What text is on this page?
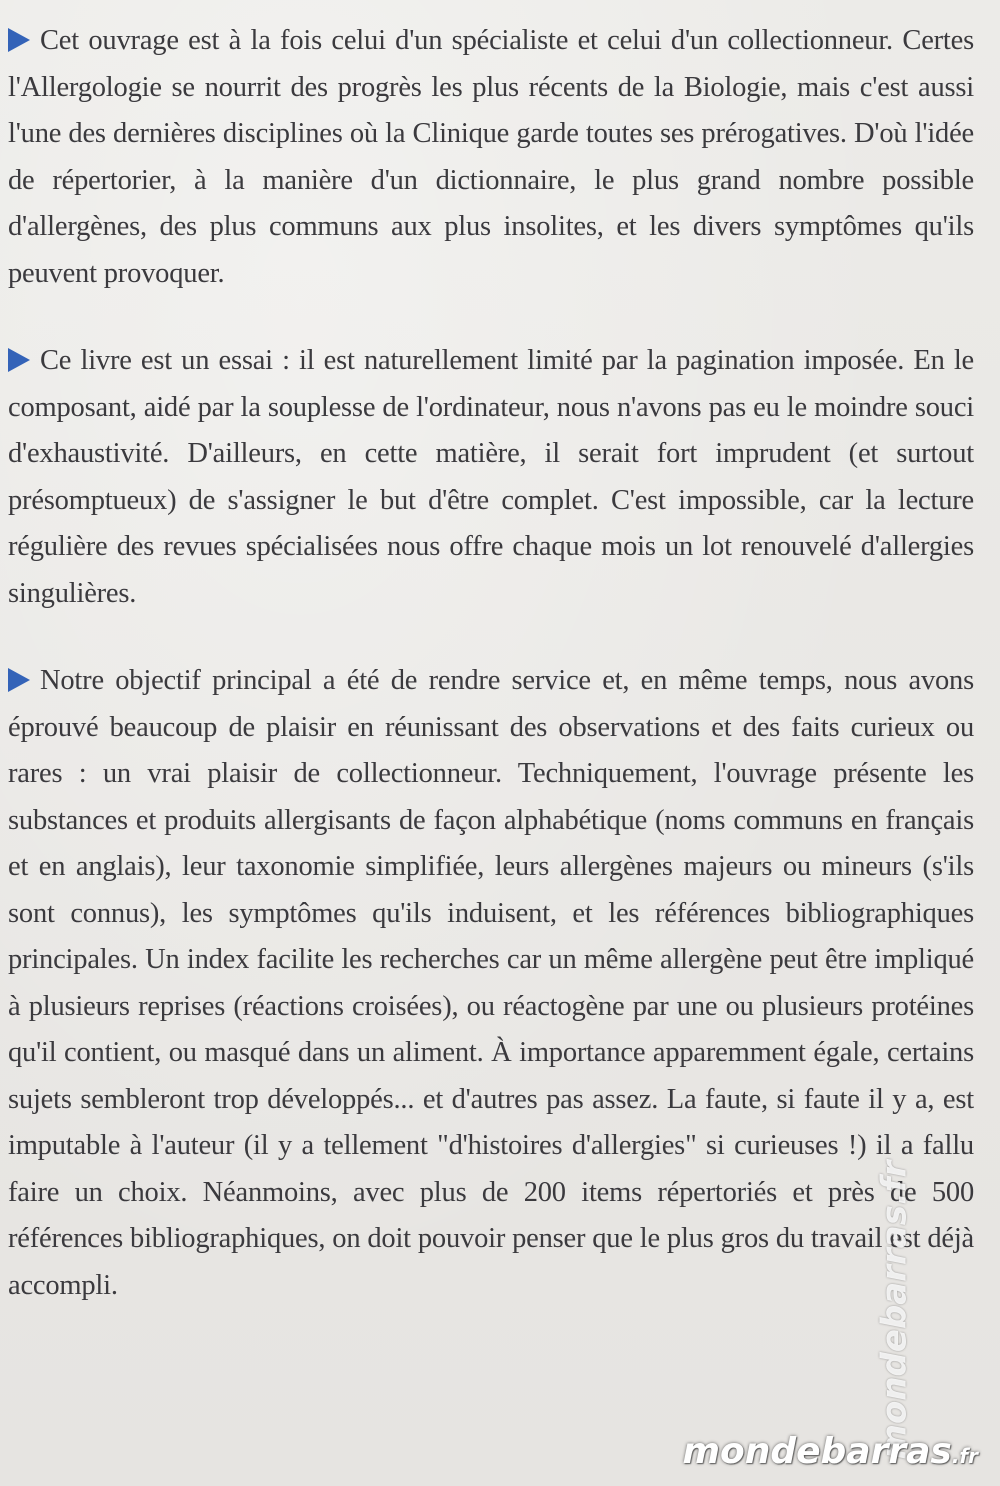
Cet ouvrage est à la fois celui d'un spécialiste et celui d'un collectionneur. Certes l'Allergologie se nourrit des progrès les plus récents de la Biologie, mais c'est aussi l'une des dernières disciplines où la Clinique garde toutes ses prérogatives. D'où l'idée de répertorier, à la manière d'un dictionnaire, le plus grand nombre possible d'allergènes, des plus communs aux plus insolites, et les divers symptômes qu'ils peuvent provoquer.

Ce livre est un essai : il est naturellement limité par la pagination imposée. En le composant, aidé par la souplesse de l'ordinateur, nous n'avons pas eu le moindre souci d'exhaustivité. D'ailleurs, en cette matière, il serait fort imprudent (et surtout présomptueux) de s'assigner le but d'être complet. C'est impossible, car la lecture régulière des revues spécialisées nous offre chaque mois un lot renouvelé d'allergies singulières.

Notre objectif principal a été de rendre service et, en même temps, nous avons éprouvé beaucoup de plaisir en réunissant des observations et des faits curieux ou rares : un vrai plaisir de collectionneur. Techniquement, l'ouvrage présente les substances et produits allergisants de façon alphabétique (noms communs en français et en anglais), leur taxonomie simplifiée, leurs allergènes majeurs ou mineurs (s'ils sont connus), les symptômes qu'ils induisent, et les références bibliographiques principales. Un index facilite les recherches car un même allergène peut être impliqué à plusieurs reprises (réactions croisées), ou réactogène par une ou plusieurs protéines qu'il contient, ou masqué dans un aliment. À importance apparemment égale, certains sujets sembleront trop développés... et d'autres pas assez. La faute, si faute il y a, est imputable à l'auteur (il y a tellement "d'histoires d'allergies" si curieuses !) il a fallu faire un choix. Néanmoins, avec plus de 200 items répertoriés et près de 500 références bibliographiques, on doit pouvoir penser que le plus gros du travail est déjà accompli.	mondebarras.fr
mondebarras.fr
